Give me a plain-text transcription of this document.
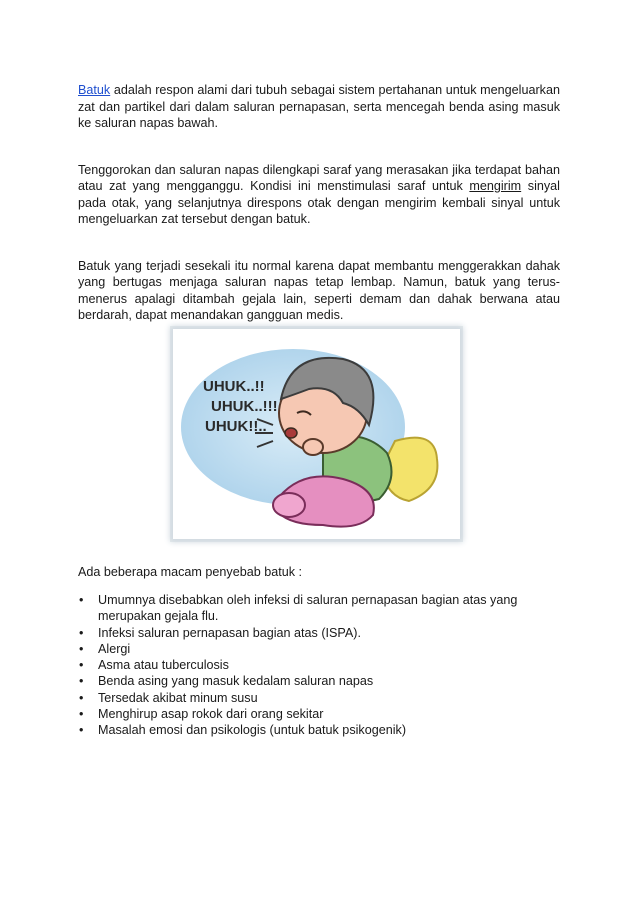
Batuk adalah respon alami dari tubuh sebagai sistem pertahanan untuk mengeluarkan zat dan partikel dari dalam saluran pernapasan, serta mencegah benda asing masuk ke saluran napas bawah.

Tenggorokan dan saluran napas dilengkapi saraf yang merasakan jika terdapat bahan atau zat yang mengganggu. Kondisi ini menstimulasi saraf untuk mengirim sinyal pada otak, yang selanjutnya direspons otak dengan mengirim kembali sinyal untuk mengeluarkan zat tersebut dengan batuk.

Batuk yang terjadi sesekali itu normal karena dapat membantu menggerakkan dahak yang bertugas menjaga saluran napas tetap lembap. Namun, batuk yang terus-menerus apalagi ditambah gejala lain, seperti demam dan dahak berwana atau berdarah, dapat menandakan gangguan medis.

UHUK..!!
UHUK..!!!
UHUK!!..

Ada beberapa macam penyebab batuk :

• Umumnya disebabkan oleh infeksi di saluran pernapasan bagian atas yang merupakan gejala flu.
• Infeksi saluran pernapasan bagian atas (ISPA).
• Alergi
• Asma atau tuberculosis
• Benda asing yang masuk kedalam saluran napas
• Tersedak akibat minum susu
• Menghirup asap rokok dari orang sekitar
• Masalah emosi dan psikologis (untuk batuk psikogenik)
